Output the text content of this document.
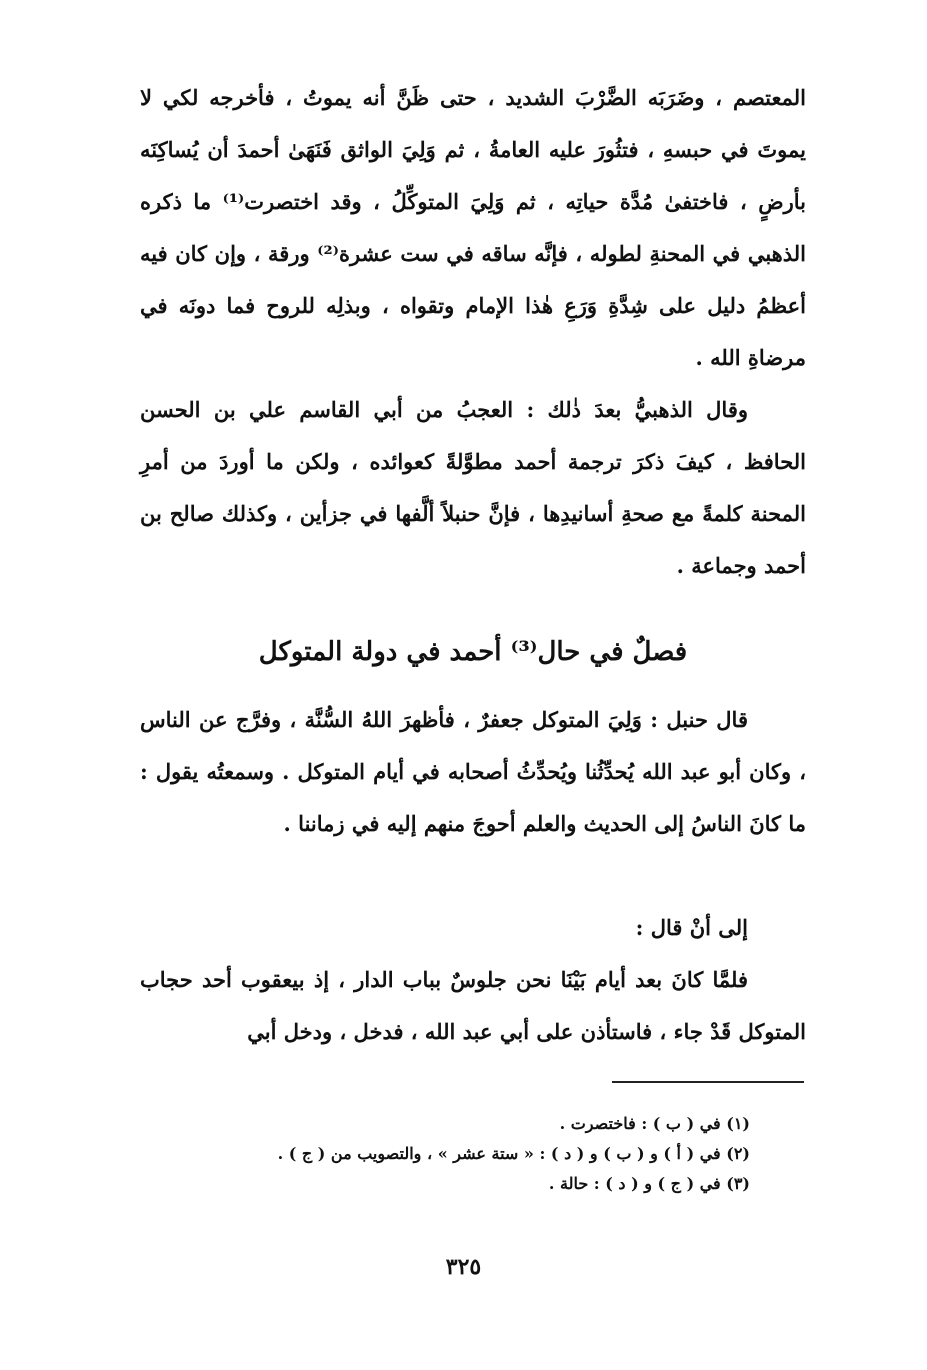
المعتصم ، وضَرَبَه الضَّرْبَ الشديد ، حتى ظَنَّ أنه يموتُ ، فأخرجه لكي لا يموتَ في حبسهِ ، فتثُورَ عليه العامةُ ، ثم وَلِيَ الواثق فَنَهَىٰ أحمدَ أن يُساكِنَه بأرضٍ ، فاختفىٰ مُدَّة حياتِه ، ثم وَلِيَ المتوكِّلُ ، وقد اختصرت⁽¹⁾ ما ذكره الذهبي في المحنةِ لطوله ، فإنَّه ساقه في ست عشرة⁽²⁾ ورقة ، وإن كان فيه أعظمُ دليل على شِدَّةِ وَرَعِ هٰذا الإمام وتقواه ، وبذلِه للروح فما دونَه في مرضاةِ الله .

وقال الذهبيُّ بعدَ ذٰلك : العجبُ من أبي القاسم علي بن الحسن الحافظ ، كيفَ ذكرَ ترجمة أحمد مطوَّلةً كعوائده ، ولكن ما أوردَ من أمرِ المحنة كلمةً مع صحةِ أسانيدِها ، فإنَّ حنبلاً ألَّفها في جزأين ، وكذلك صالح بن أحمد وجماعة .

فصلٌ في حال⁽³⁾ أحمد في دولة المتوكل

قال حنبل : وَلِيَ المتوكل جعفرٌ ، فأظهرَ اللهُ السُّنَّة ، وفرَّج عن الناس ، وكان أبو عبد الله يُحدِّثُنا ويُحدِّثُ أصحابه في أيام المتوكل . وسمعتُه يقول : ما كانَ الناسُ إلى الحديث والعلم أحوجَ منهم إليه في زماننا .

إلى أنْ قال :

فلمَّا كانَ بعد أيام بَيْنَا نحن جلوسٌ بباب الدار ، إذ بيعقوب أحد حجاب المتوكل قَدْ جاء ، فاستأذن على أبي عبد الله ، فدخل ، ودخل أبي

(١) في ( ب ) : فاختصرت .
(٢) في ( أ ) و ( ب ) و ( د ) : « ستة عشر » ، والتصويب من ( ج ) .
(٣) في ( ج ) و ( د ) : حالة .
٣٢٥
